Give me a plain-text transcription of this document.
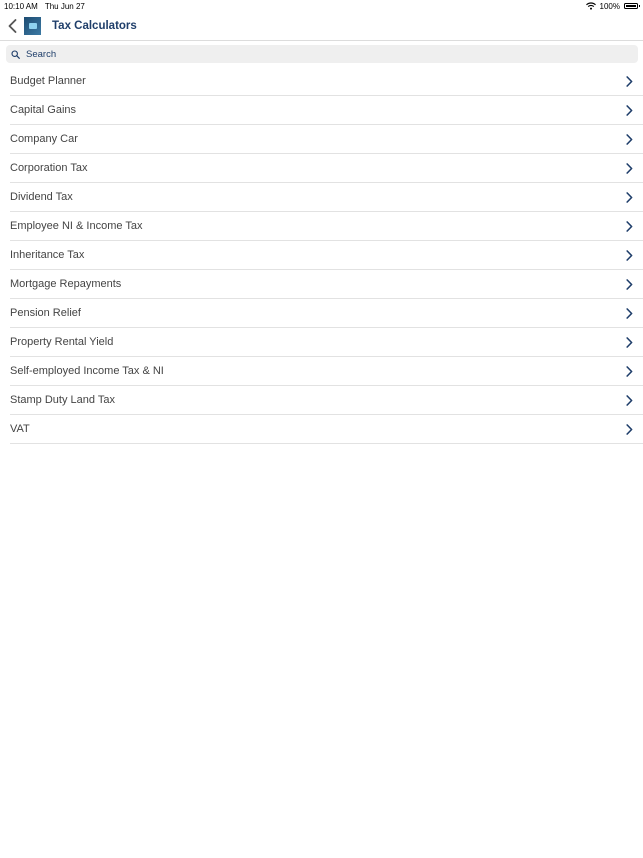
10:10 AM Thu Jun 27	100%
Tax Calculators
Search
Budget Planner
Capital Gains
Company Car
Corporation Tax
Dividend Tax
Employee NI & Income Tax
Inheritance Tax
Mortgage Repayments
Pension Relief
Property Rental Yield
Self-employed Income Tax & NI
Stamp Duty Land Tax
VAT
